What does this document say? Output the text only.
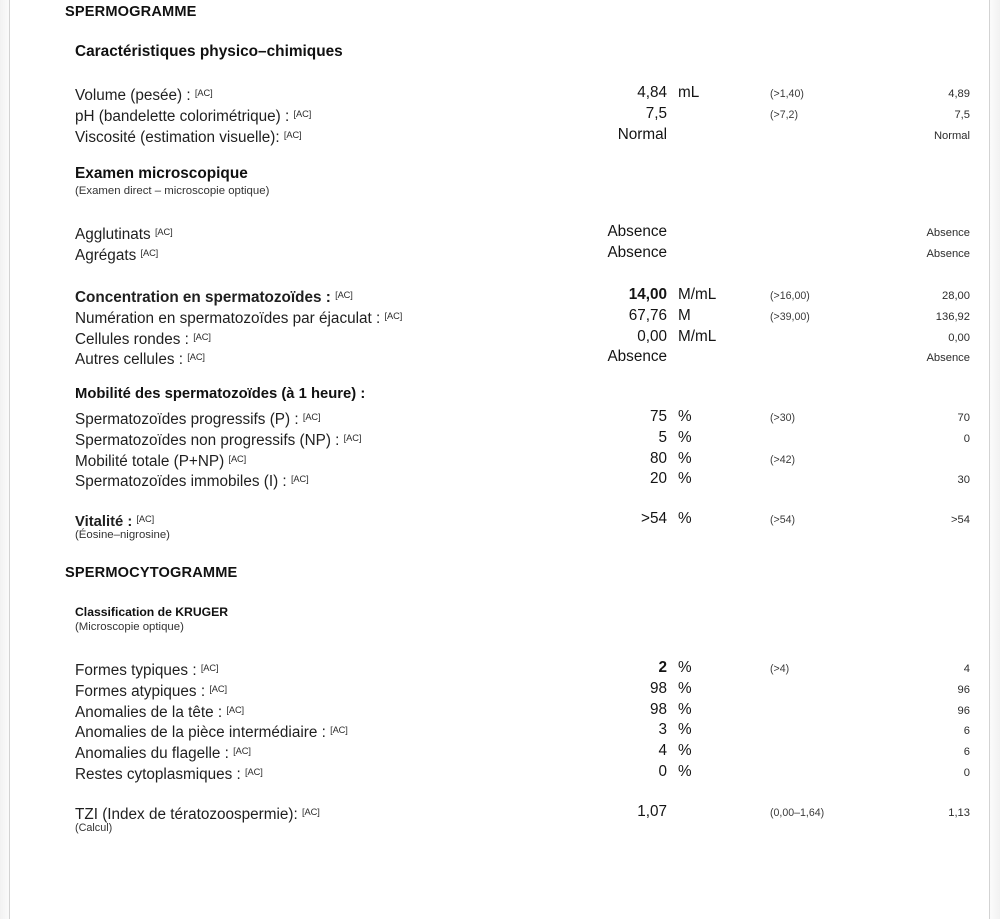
SPERMOGRAMME
Caractéristiques physico–chimiques
Volume (pesée) : [AC]	4,84 mL	(>1,40)	4,89
pH (bandelette colorimétrique) : [AC]	7,5	(>7,2)	7,5
Viscosité (estimation visuelle): [AC]	Normal	Normal
Examen microscopique
(Examen direct – microscopie optique)
Agglutinats [AC]	Absence	Absence
Agrégats [AC]	Absence	Absence
Concentration en spermatozoïdes : [AC]	14,00 M/mL	(>16,00)	28,00
Numération en spermatozoïdes par éjaculat : [AC]	67,76 M	(>39,00)	136,92
Cellules rondes : [AC]	0,00 M/mL	0,00
Autres cellules : [AC]	Absence	Absence
Mobilité des spermatozoïdes (à 1 heure) :
Spermatozoïdes progressifs (P) : [AC]	75 %	(>30)	70
Spermatozoïdes non progressifs (NP) : [AC]	5 %	0
Mobilité totale (P+NP) [AC]	80 %	(>42)
Spermatozoïdes immobiles (I) : [AC]	20 %	30
Vitalité : [AC]	>54 %	(>54)	>54
(Éosine–nigrosine)
SPERMOCYTOGRAMME
Classification de KRUGER
(Microscopie optique)
Formes typiques : [AC]	2 %	(>4)	4
Formes atypiques : [AC]	98 %	96
Anomalies de la tête : [AC]	98 %	96
Anomalies de la pièce intermédiaire : [AC]	3 %	6
Anomalies du flagelle : [AC]	4 %	6
Restes cytoplasmiques : [AC]	0 %	0
TZI (Index de tératozoospermie): [AC]	1,07	(0,00–1,64)	1,13
(Calcul)
